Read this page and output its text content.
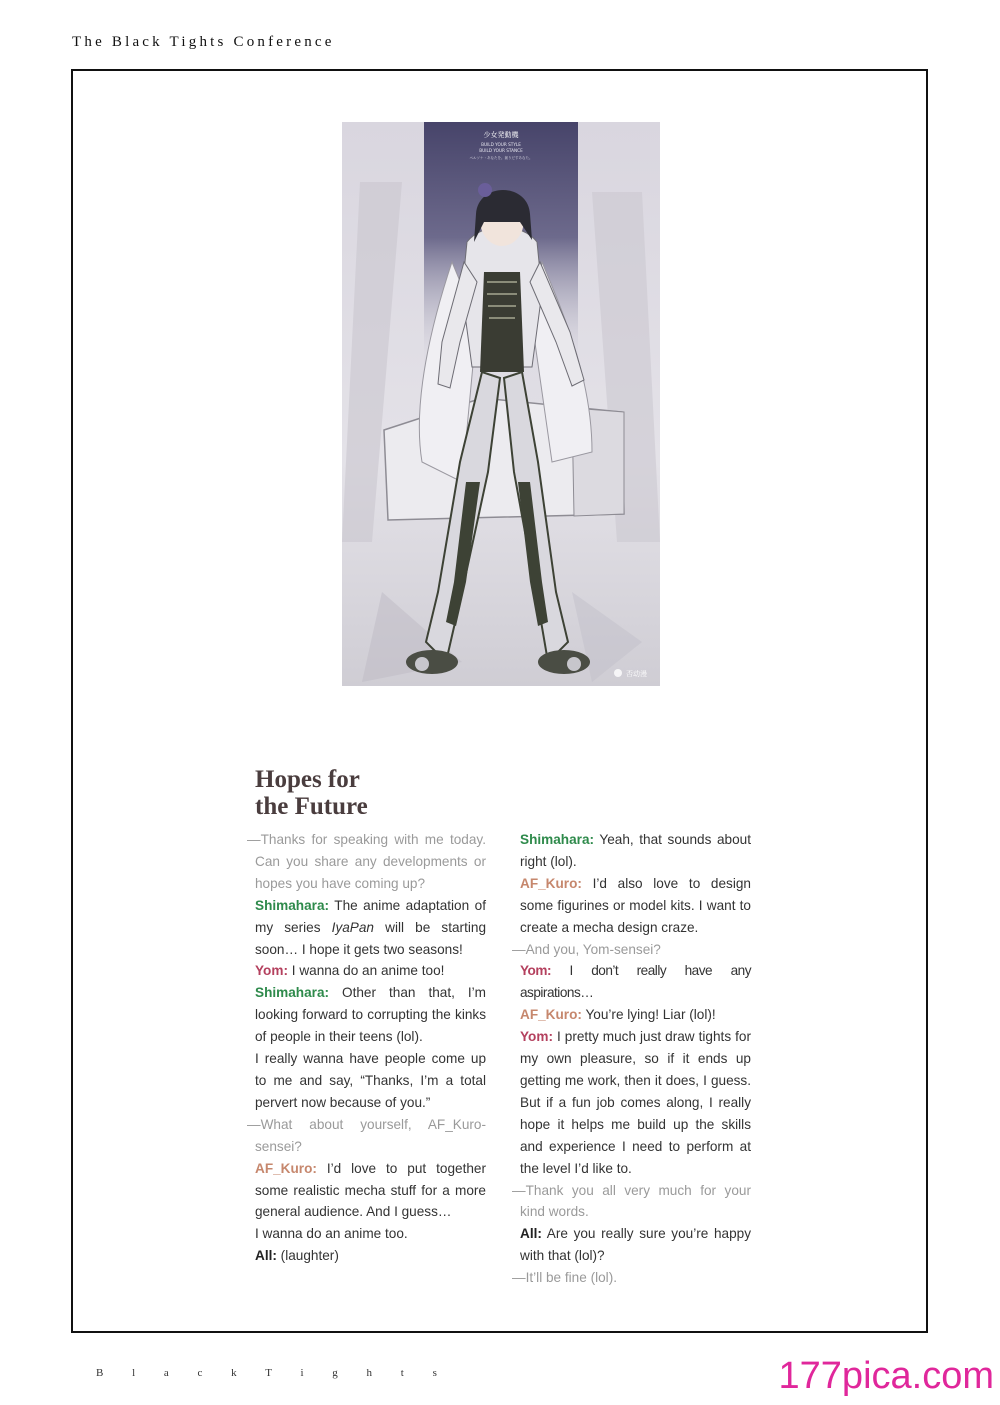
The Black Tights Conference
少女発動機
BUILD YOUR STYLE
BUILD YOUR STANCE
ペルソナ・あなたを。創りだすあなた。
否动漫
Hopes for
the Future

—Thanks for speaking with me today. Can you share any developments or hopes you have coming up?

Shimahara: The anime adaptation of my series IyaPan will be starting soon… I hope it gets two seasons!

Yom: I wanna do an anime too!

Shimahara: Other than that, I’m looking forward to corrupting the kinks of people in their teens (lol).

I really wanna have people come up to me and say, “Thanks, I’m a total pervert now because of you.”

—What about yourself, AF_Kuro-sensei?

AF_Kuro: I’d love to put together some realistic mecha stuff for a more general audience. And I guess…

I wanna do an anime too.

All: (laughter)

Shimahara: Yeah, that sounds about right (lol).

AF_Kuro: I’d also love to design some figurines or model kits. I want to create a mecha design craze.

—And you, Yom-sensei?

Yom: I don’t really have any aspirations…

AF_Kuro: You’re lying! Liar (lol)!

Yom: I pretty much just draw tights for my own pleasure, so if it ends up getting me work, then it does, I guess. But if a fun job comes along, I really hope it helps me build up the skills and experience I need to perform at the level I’d like to.

—Thank you all very much for your kind words.

All: Are you really sure you’re happy with that (lol)?

—It’ll be fine (lol).

B l a c k T i g h t s	177pica.com
